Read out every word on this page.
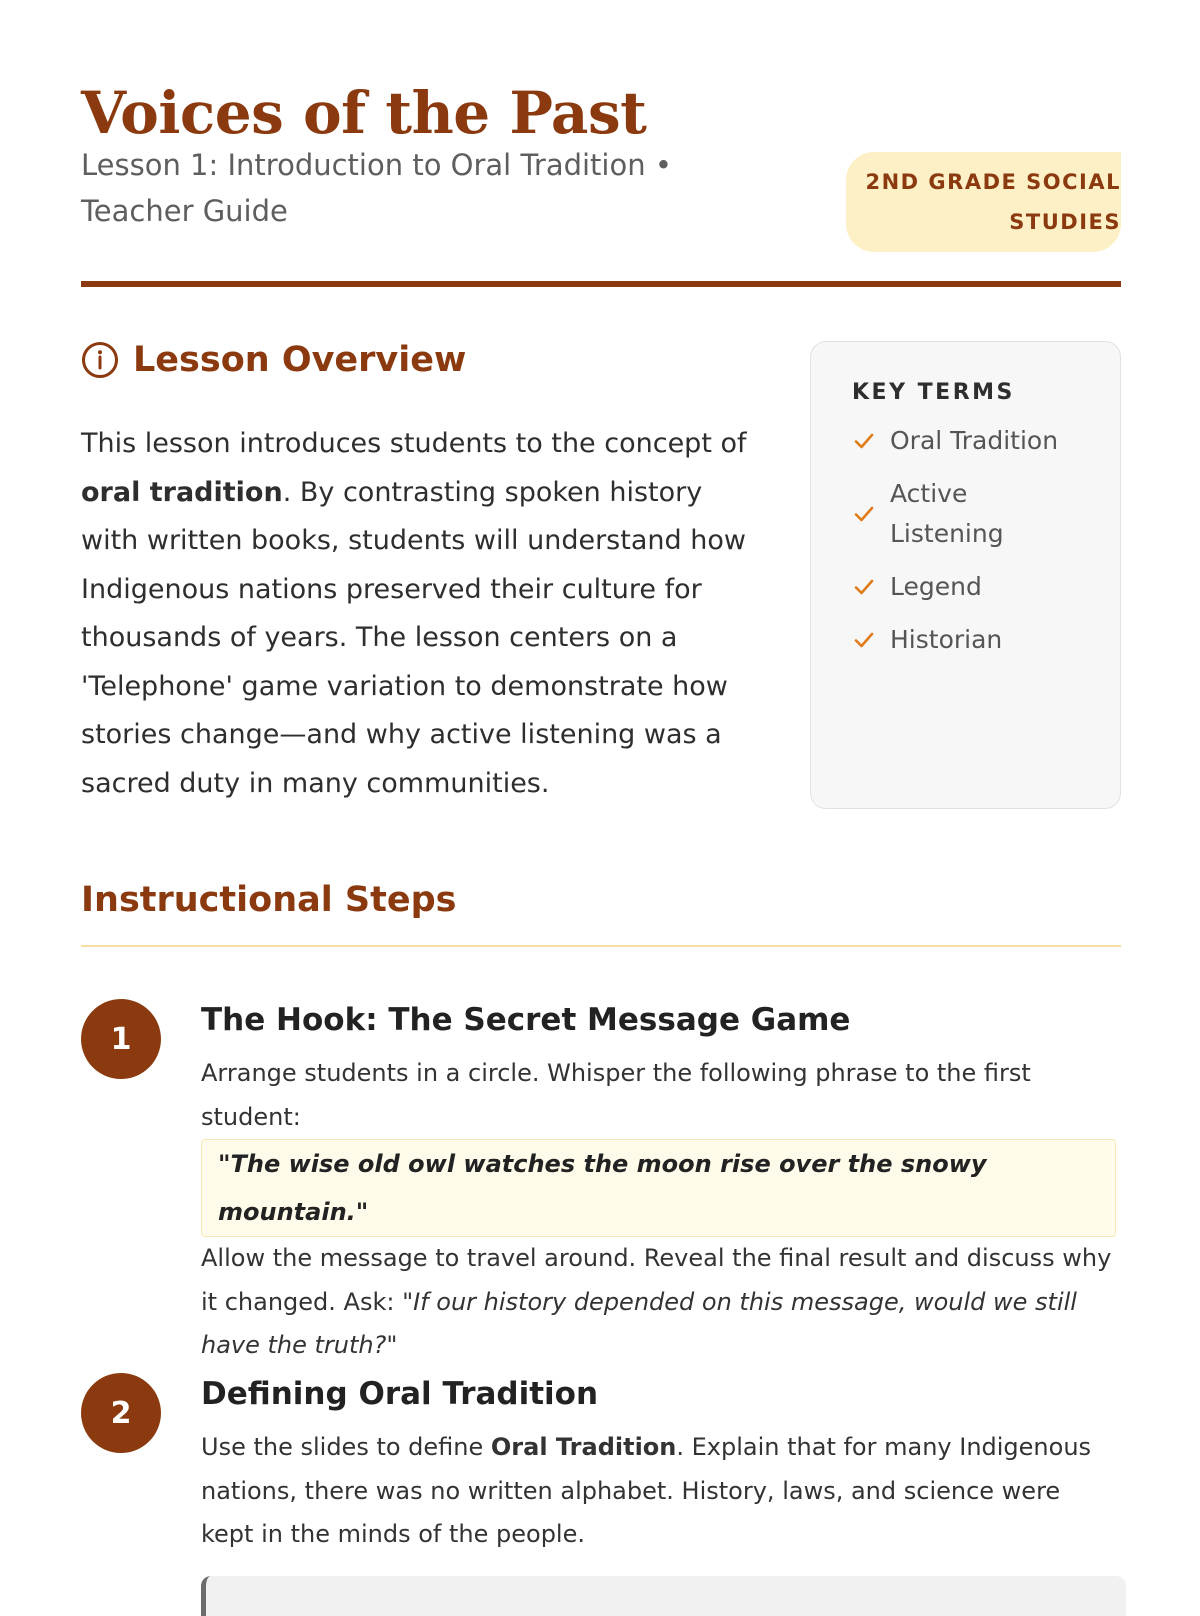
Voices of the Past
Lesson 1: Introduction to Oral Tradition • Teacher Guide
2ND GRADE SOCIAL STUDIES
Lesson Overview
This lesson introduces students to the concept of oral tradition. By contrasting spoken history with written books, students will understand how Indigenous nations preserved their culture for thousands of years. The lesson centers on a 'Telephone' game variation to demonstrate how stories change—and why active listening was a sacred duty in many communities.
KEY TERMS
Oral Tradition
Active Listening
Legend
Historian
Instructional Steps
1
The Hook: The Secret Message Game
Arrange students in a circle. Whisper the following phrase to the first student:
"The wise old owl watches the moon rise over the snowy mountain."
Allow the message to travel around. Reveal the final result and discuss why it changed. Ask: "If our history depended on this message, would we still have the truth?"
2
Defining Oral Tradition
Use the slides to define Oral Tradition. Explain that for many Indigenous nations, there was no written alphabet. History, laws, and science were kept in the minds of the people.
